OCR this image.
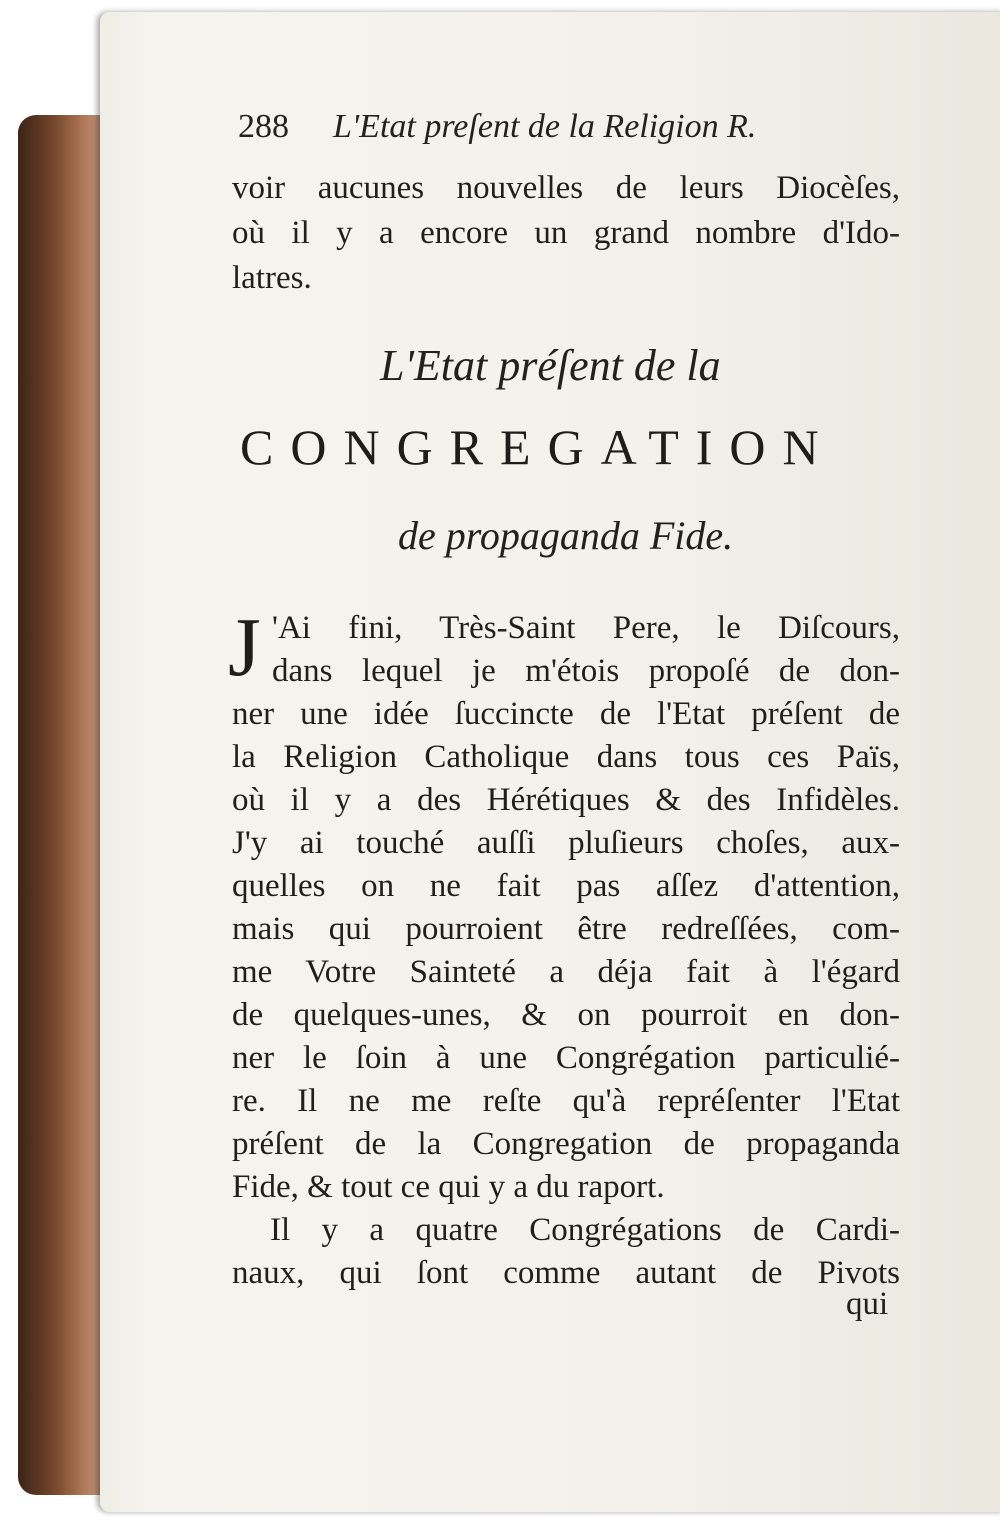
288 L'Etat preſent de la Religion R.
voir aucunes nouvelles de leurs Diocèſes,
où il y a encore un grand nombre d'Ido-
latres.
L'Etat préſent de la
CONGREGATION
de propaganda Fide.
J 'Ai fini, Très-Saint Pere, le Diſcours,
dans lequel je m'étois propoſé de don-
ner une idée ſuccincte de l'Etat préſent de
la Religion Catholique dans tous ces Païs,
où il y a des Hérétiques & des Infidèles.
J'y ai touché auſſi pluſieurs choſes, aux-
quelles on ne fait pas aſſez d'attention,
mais qui pourroient être redreſſées, com-
me Votre Sainteté a déja fait à l'égard
de quelques-unes, & on pourroit en don-
ner le ſoin à une Congrégation particulié-
re. Il ne me reſte qu'à repréſenter l'Etat
préſent de la Congregation de propaganda
Fide, & tout ce qui y a du raport.
Il y a quatre Congrégations de Cardi-
naux, qui ſont comme autant de Pivots
qui
